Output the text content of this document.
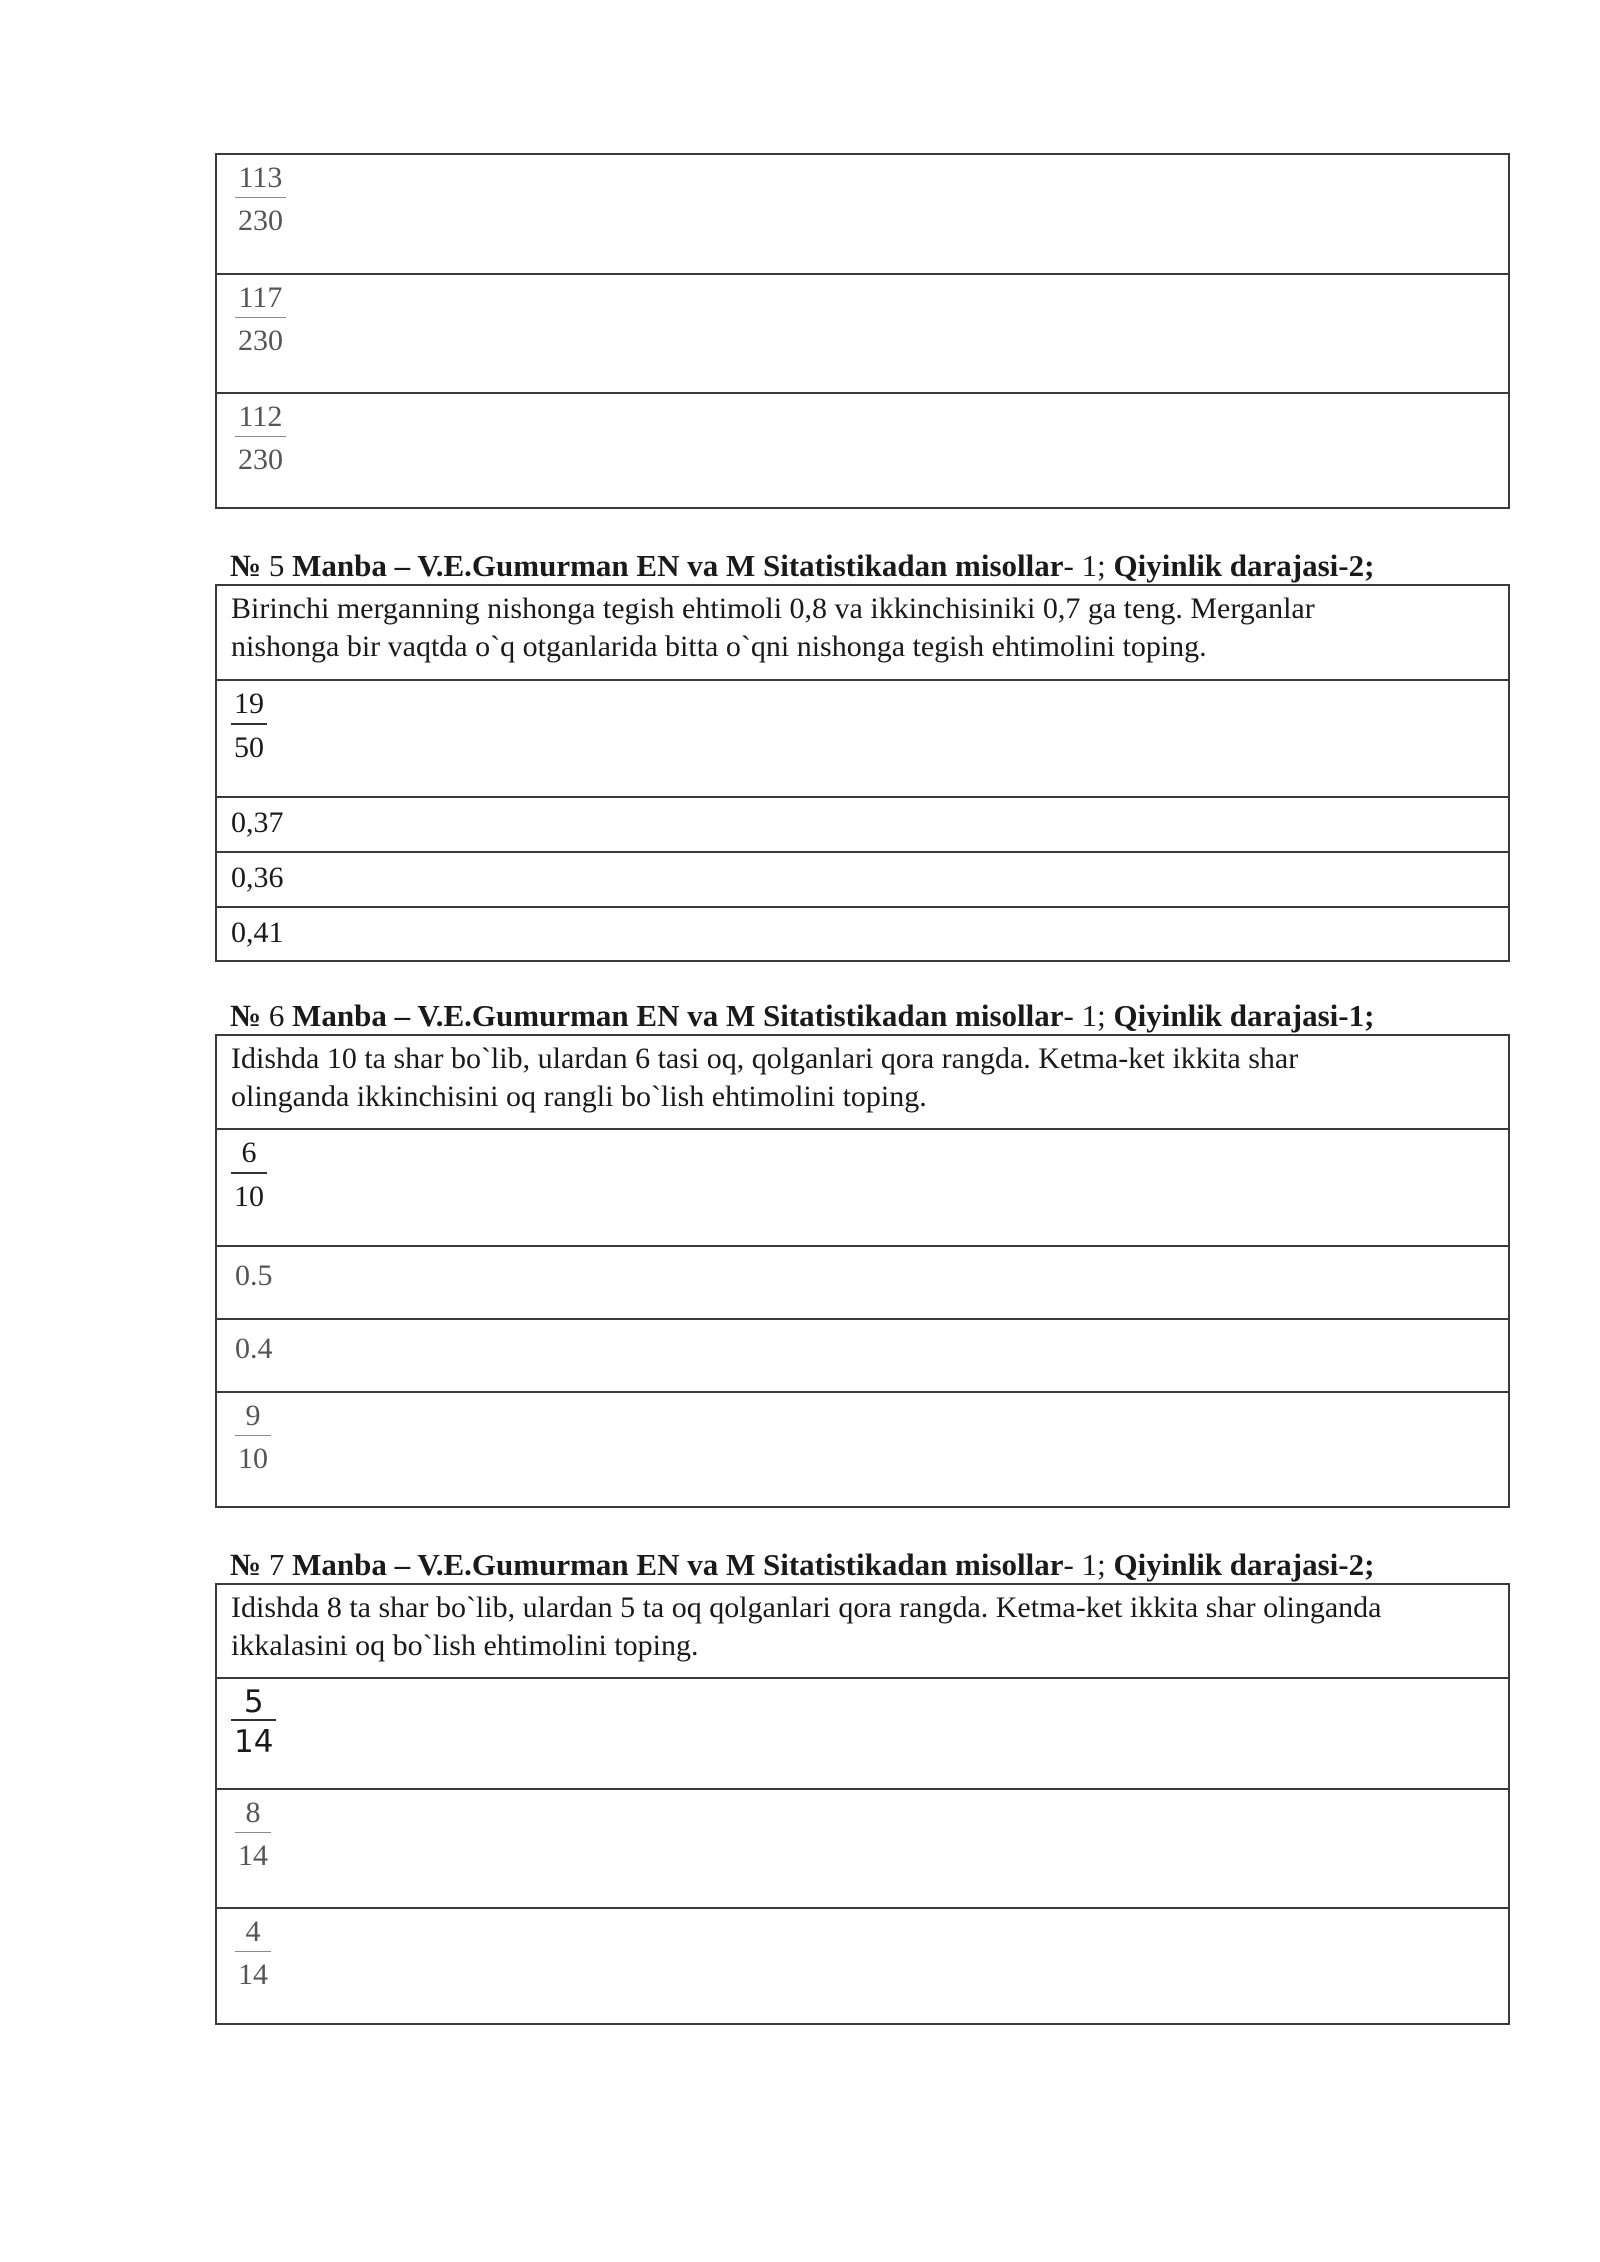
$\frac{113}{230}$
$\frac{117}{230}$
$\frac{112}{230}$
№ 5 Manba – V.E.Gumurman EN va M Sitatistikadan misollar- 1; Qiyinlik darajasi-2;
Birinchi merganning nishonga tegish ehtimoli 0,8 va ikkinchisiniki 0,7 ga teng. Merganlar
nishonga bir vaqtda o`q otganlarida bitta o`qni nishonga tegish ehtimolini toping.
$\frac{19}{50}$
0,37
0,36
0,41
№ 6 Manba – V.E.Gumurman EN va M Sitatistikadan misollar- 1; Qiyinlik darajasi-1;
Idishda 10 ta shar bo`lib, ulardan 6 tasi oq, qolganlari qora rangda. Ketma-ket ikkita shar
olinganda ikkinchisini oq rangli bo`lish ehtimolini toping.
$\frac{6}{10}$
0.5
0.4
$\frac{9}{10}$
№ 7 Manba – V.E.Gumurman EN va M Sitatistikadan misollar- 1; Qiyinlik darajasi-2;
Idishda 8 ta shar bo`lib, ulardan 5 ta oq qolganlari qora rangda. Ketma-ket ikkita shar olinganda
ikkalasini oq bo`lish ehtimolini toping.
$\frac{5}{14}$
$\frac{8}{14}$
$\frac{4}{14}$
